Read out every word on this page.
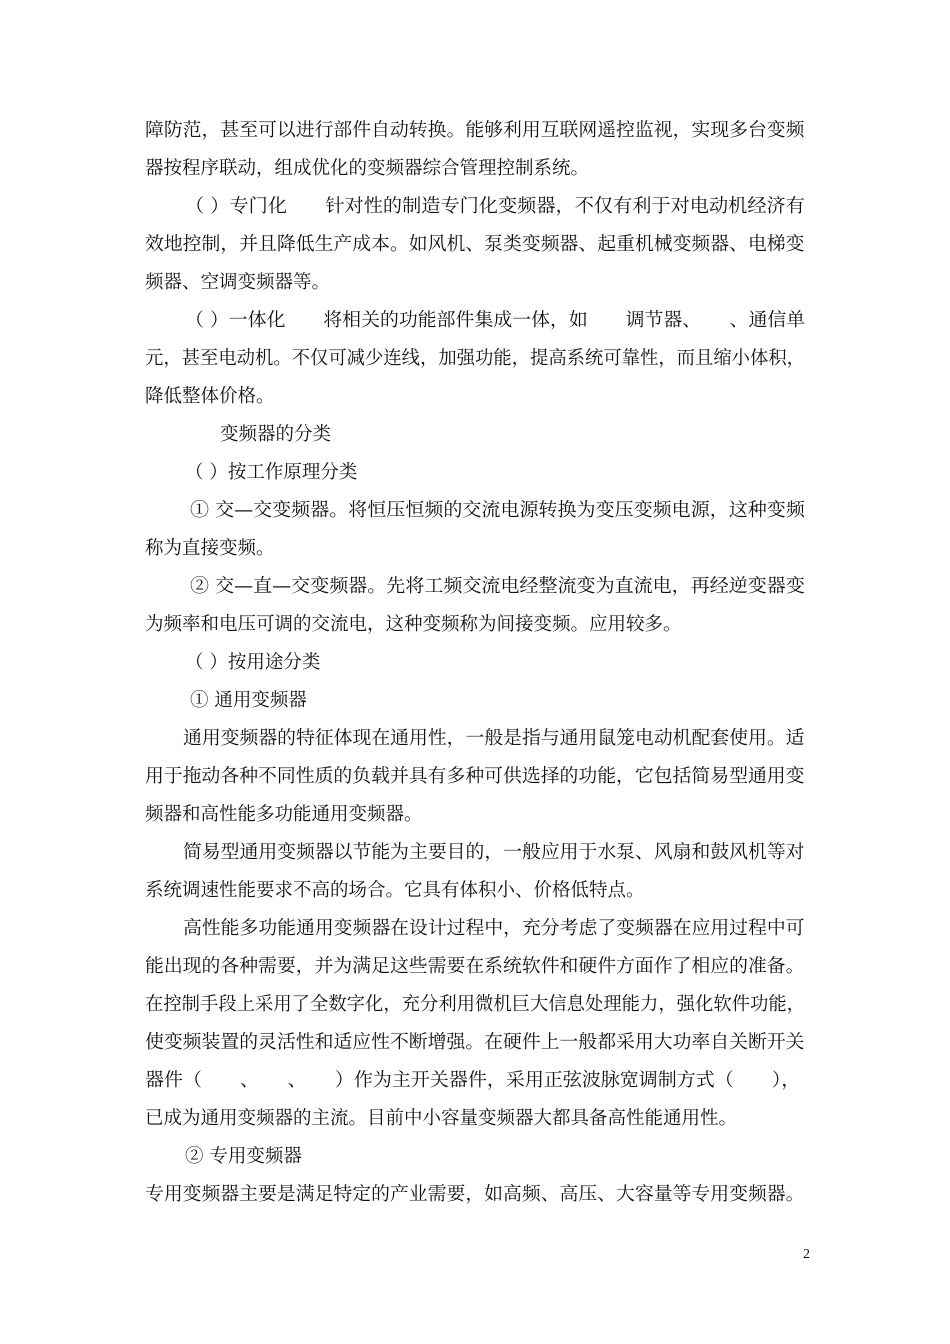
障防范，甚至可以进行部件自动转换。能够利用互联网遥控监视，实现多台变频
器按程序联动，组成优化的变频器综合管理控制系统。
（ ）专门化　　针对性的制造专门化变频器，不仅有利于对电动机经济有
效地控制，并且降低生产成本。如风机、泵类变频器、起重机械变频器、电梯变
频器、空调变频器等。
（ ）一体化　　将相关的功能部件集成一体，如　　调节器、　　、通信单
元，甚至电动机。不仅可减少连线，加强功能，提高系统可靠性，而且缩小体积，
降低整体价格。
变频器的分类
（ ）按工作原理分类
① 交—交变频器。将恒压恒频的交流电源转换为变压变频电源，这种变频
称为直接变频。
② 交—直—交变频器。先将工频交流电经整流变为直流电，再经逆变器变
为频率和电压可调的交流电，这种变频称为间接变频。应用较多。
（ ）按用途分类
① 通用变频器
通用变频器的特征体现在通用性，一般是指与通用鼠笼电动机配套使用。适
用于拖动各种不同性质的负载并具有多种可供选择的功能，它包括简易型通用变
频器和高性能多功能通用变频器。
简易型通用变频器以节能为主要目的，一般应用于水泵、风扇和鼓风机等对
系统调速性能要求不高的场合。它具有体积小、价格低特点。
高性能多功能通用变频器在设计过程中，充分考虑了变频器在应用过程中可
能出现的各种需要，并为满足这些需要在系统软件和硬件方面作了相应的准备。
在控制手段上采用了全数字化，充分利用微机巨大信息处理能力，强化软件功能，
使变频装置的灵活性和适应性不断增强。在硬件上一般都采用大功率自关断开关
器件（　　、　　、　　）作为主开关器件，采用正弦波脉宽调制方式（　　），
已成为通用变频器的主流。目前中小容量变频器大都具备高性能通用性。
② 专用变频器
专用变频器主要是满足特定的产业需要，如高频、高压、大容量等专用变频器。
2
